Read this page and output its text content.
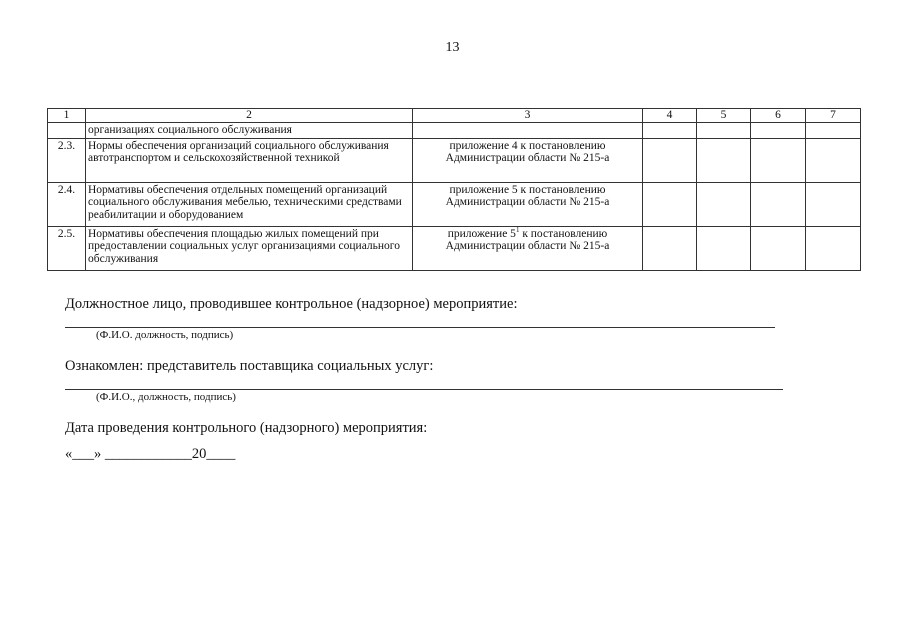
13
1	2	3	4	5	6	7
	организациях социального обслуживания					
2.3.	Нормы обеспечения организаций социального обслуживания автотранспортом и сельскохозяйственной техникой	приложение 4 к постановлению
Администрации области № 215-а				
2.4.	Нормативы обеспечения отдельных помещений организаций социального обслуживания мебелью, техническими средствами реабилитации и оборудованием	приложение 5 к постановлению
Администрации области № 215-а				
2.5.	Нормативы обеспечения площадью жилых помещений при предоставлении социальных услуг организациями социального обслуживания	приложение $5^1$ к постановлению
Администрации области № 215-а				
Должностное лицо, проводившее контрольное (надзорное) мероприятие:
(Ф.И.О. должность, подпись)
Ознакомлен: представитель поставщика социальных услуг:
(Ф.И.О., должность, подпись)
Дата проведения контрольного (надзорного) мероприятия:
«___» ____________20____
